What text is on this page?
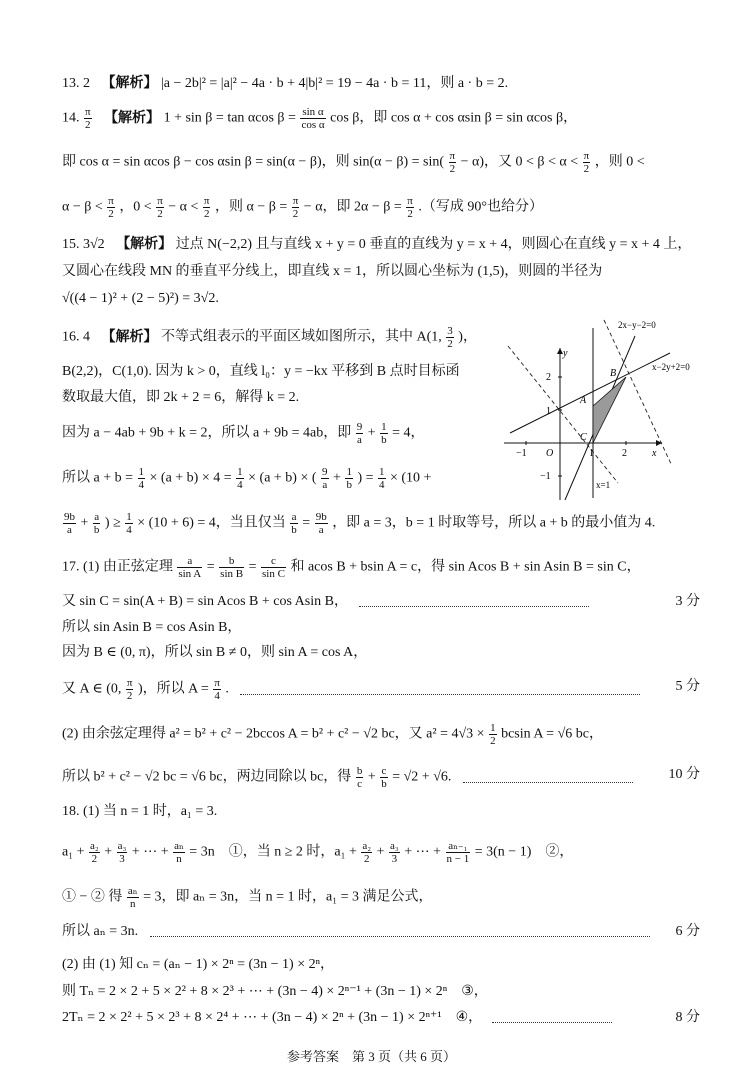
13. 2 【解析】 |a − 2b|² = |a|² − 4a · b + 4|b|² = 19 − 4a · b = 11，则 a · b = 2.
14. $\frac{\pi}{2}$ 【解析】 1 + sin β = tan αcos $\beta = \frac{\text{sin α}}{\text{cos α}}$ cos β，即 cos α + cos αsin β = sin αcos β，
即 cos α = sin αcos β − cos αsin β = sin(α − β)，则 $\sin(\alpha - \beta) = \sin( \frac{\pi}{2} - \alpha)$，又 $0 < \beta < \alpha < \frac{\pi}{2}$ ，则 0 <
$\alpha - \beta < \frac{\pi}{2}$ ，$0 < \frac{\pi}{2} - \alpha < \frac{\pi}{2}$ ，则 $\alpha - \beta = \frac{\pi}{2} - \alpha$，即 $2\alpha - \beta = \frac{\pi}{2}$ .（写成 90°也给分）
15. 3√2 【解析】 过点 N(−2,2) 且与直线 x + y = 0 垂直的直线为 y = x + 4，则圆心在直线 y = x + 4 上，
又圆心在线段 MN 的垂直平分线上，即直线 x = 1，所以圆心坐标为 (1,5)，则圆的半径为
√((4 − 1)² + (2 − 5)²) = 3√2.
16. 4 【解析】 不等式组表示的平面区域如图所示，其中 A(1, $\frac{3}{2}$ )，
B(2,2)，C(1,0). 因为 k > 0，直线 l₀：y = −kx 平移到 B 点时目标函
数取最大值，即 2k + 2 = 6，解得 k = 2.
因为 a − 4ab + 9b + k = 2，所以 a + 9b = 4ab，即 $\frac{9}{a} + \frac{1}{b} = 4$，
所以 $a + b = \frac{1}{4} \times (a + b) \times 4 = \frac{1}{4} \times (a + b)$ × ( $\frac{9}{a} + \frac{1}{b}$ ) = $\frac{1}{4} \times (10$ +
$\frac{9b}{a} + \frac{a}{b}$ ) ≥ $\frac{1}{4} \times (10 + 6) = 4$，当且仅当 $\frac{a}{b} = \frac{9b}{a}$ ，即 a = 3，b = 1 时取等号，所以 a + b 的最小值为 4.
2x−y−2=0
x−2y+2=0
x=1
y
x
A
B
C
O
2
1
−1
−1	1	2
17. (1) 由正弦定理 $\frac{a}{\text{sin A}} = \frac{b}{\text{sin B}} = \frac{c}{\text{sin C}}$ 和 acos B + bsin A = c，得 sin Acos B + sin Asin B = sin C，
又 sin C = sin(A + B) = sin Acos B + cos Asin B，	3 分
所以 sin Asin B = cos Asin B，
因为 B ∈ (0, π)，所以 sin B ≠ 0，则 sin A = cos A，
又 A ∈ (0, $\frac{\pi}{2}$ )，所以 $A = \frac{\pi}{4}$ .	5 分
(2) 由余弦定理得 a² = b² + c² − 2bccos A = b² + c² − √2 bc，又 $a^2 = 4√3 \times \frac{1}{2}$ bcsin A = √6 bc，
所以 b² + c² − √2 bc = √6 bc，两边同除以 bc，得 $\frac{b}{c} + \frac{c}{b} = √2 + √6$.	10 分
18. (1) 当 n = 1 时，a₁ = 3.
$a_1 + \frac{\text{a₂}}{2} + \frac{\text{a₃}}{3}$ + ⋯ + $\frac{\text{aₙ}}{n} = 3n$　①，当 n ≥ 2 时，$a_1 + \frac{\text{a₂}}{2} + \frac{\text{a₃}}{3}$ + ⋯ + $\frac{\text{aₙ₋₁}}{n - 1} = 3(n - 1)$　②，
① − ② 得 $\frac{\text{aₙ}}{n} = 3$，即 aₙ = 3n，当 n = 1 时，a₁ = 3 满足公式，
所以 aₙ = 3n.	6 分
(2) 由 (1) 知 cₙ = (aₙ − 1) × 2ⁿ = (3n − 1) × 2ⁿ，
则 Tₙ = 2 × 2 + 5 × 2² + 8 × 2³ + ⋯ + (3n − 4) × 2ⁿ⁻¹ + (3n − 1) × 2ⁿ　③，
2Tₙ = 2 × 2² + 5 × 2³ + 8 × 2⁴ + ⋯ + (3n − 4) × 2ⁿ + (3n − 1) × 2ⁿ⁺¹　④，	8 分
参考答案　第 3 页（共 6 页）
